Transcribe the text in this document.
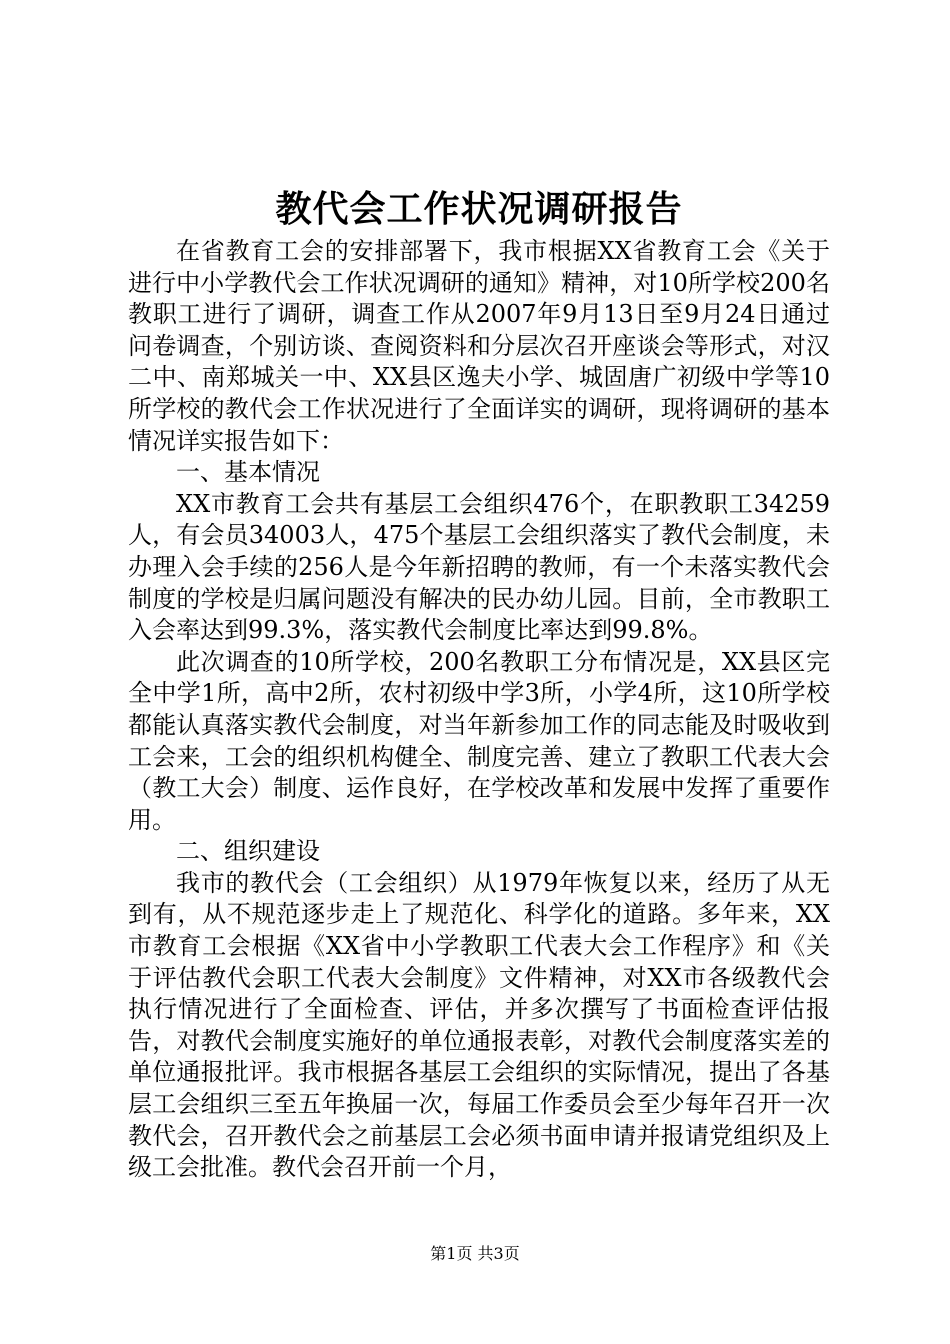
教代会工作状况调研报告

在省教育工会的安排部署下，我市根据XX省教育工会《关于进行中小学教代会工作状况调研的通知》精神，对10所学校200名教职工进行了调研，调查工作从2007年9月13日至9月24日通过问卷调查，个别访谈、查阅资料和分层次召开座谈会等形式，对汉二中、南郑城关一中、XX县区逸夫小学、城固唐广初级中学等10所学校的教代会工作状况进行了全面详实的调研，现将调研的基本情况详实报告如下：

一、基本情况

XX市教育工会共有基层工会组织476个，在职教职工34259人，有会员34003人，475个基层工会组织落实了教代会制度，未办理入会手续的256人是今年新招聘的教师，有一个未落实教代会制度的学校是归属问题没有解决的民办幼儿园。目前，全市教职工入会率达到99.3%，落实教代会制度比率达到99.8%。

此次调查的10所学校，200名教职工分布情况是，XX县区完全中学1所，高中2所，农村初级中学3所，小学4所，这10所学校都能认真落实教代会制度，对当年新参加工作的同志能及时吸收到工会来，工会的组织机构健全、制度完善、建立了教职工代表大会（教工大会）制度、运作良好，在学校改革和发展中发挥了重要作用。

二、组织建设

我市的教代会（工会组织）从1979年恢复以来，经历了从无到有，从不规范逐步走上了规范化、科学化的道路。多年来，XX市教育工会根据《XX省中小学教职工代表大会工作程序》和《关于评估教代会职工代表大会制度》文件精神，对XX市各级教代会执行情况进行了全面检查、评估，并多次撰写了书面检查评估报告，对教代会制度实施好的单位通报表彰，对教代会制度落实差的单位通报批评。我市根据各基层工会组织的实际情况，提出了各基层工会组织三至五年换届一次，每届工作委员会至少每年召开一次教代会，召开教代会之前基层工会必须书面申请并报请党组织及上级工会批准。教代会召开前一个月，

第1页 共3页
